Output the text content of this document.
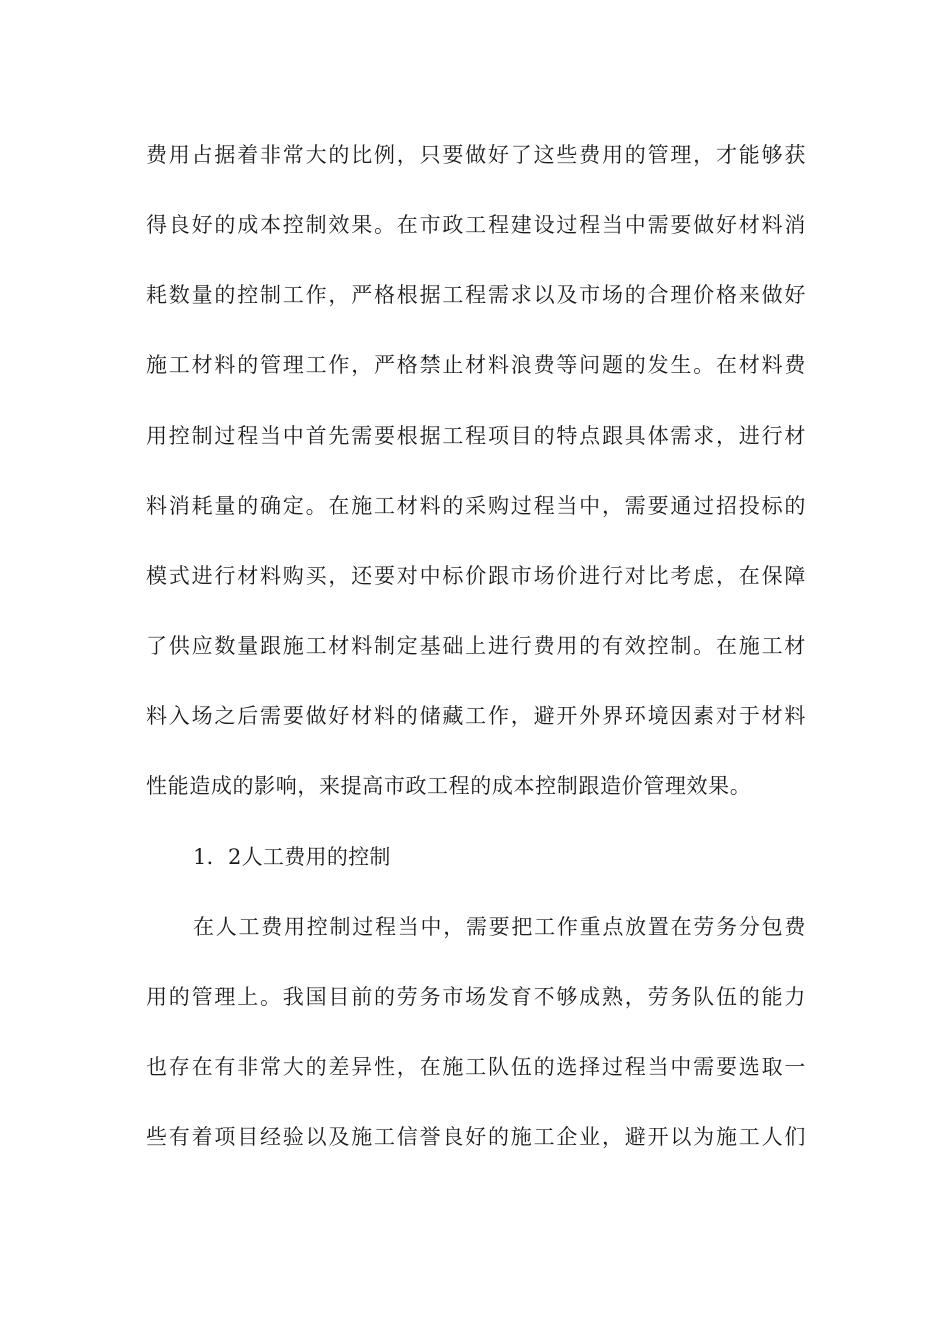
费用占据着非常大的比例，只要做好了这些费用的管理，才能够获
得良好的成本控制效果。在市政工程建设过程当中需要做好材料消
耗数量的控制工作，严格根据工程需求以及市场的合理价格来做好
施工材料的管理工作，严格禁止材料浪费等问题的发生。在材料费
用控制过程当中首先需要根据工程项目的特点跟具体需求，进行材
料消耗量的确定。在施工材料的采购过程当中，需要通过招投标的
模式进行材料购买，还要对中标价跟市场价进行对比考虑，在保障
了供应数量跟施工材料制定基础上进行费用的有效控制。在施工材
料入场之后需要做好材料的储藏工作，避开外界环境因素对于材料
性能造成的影响，来提高市政工程的成本控制跟造价管理效果。
1．2人工费用的控制
在人工费用控制过程当中，需要把工作重点放置在劳务分包费
用的管理上。我国目前的劳务市场发育不够成熟，劳务队伍的能力
也存在有非常大的差异性，在施工队伍的选择过程当中需要选取一
些有着项目经验以及施工信誉良好的施工企业，避开以为施工人们
